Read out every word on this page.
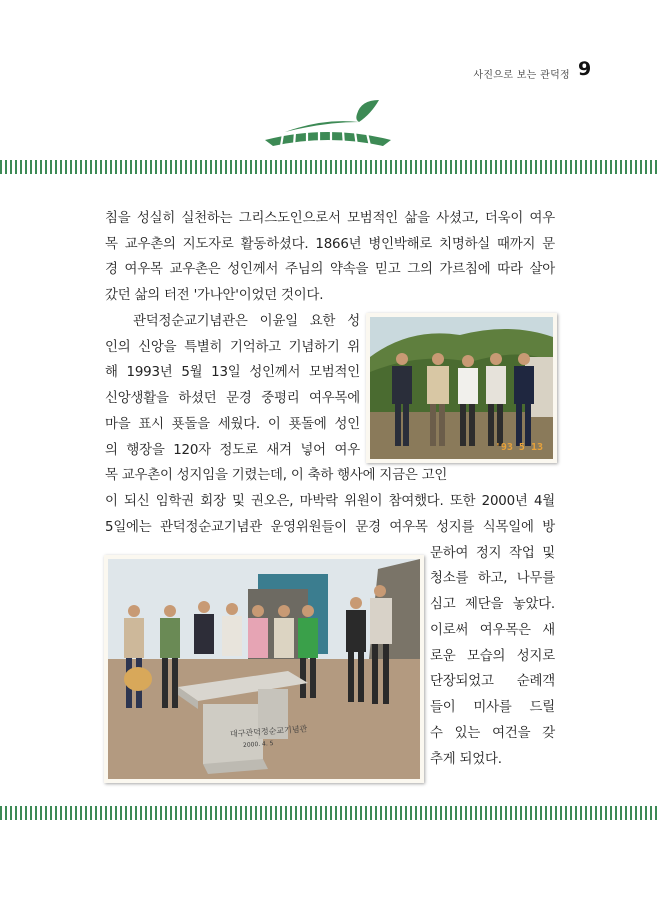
사진으로 보는 관덕정 9
침을 성실히 실천하는 그리스도인으로서 모범적인 삶을 사셨고, 더욱이 여우
목 교우촌의 지도자로 활동하셨다. 1866년 병인박해로 치명하실 때까지 문
경 여우목 교우촌은 성인께서 주님의 약속을 믿고 그의 가르침에 따라 살아
갔던 삶의 터전 '가나안'이었던 것이다.
관덕정순교기념관은 이윤일 요한 성
인의 신앙을 특별히 기억하고 기념하기 위
해 1993년 5월 13일 성인께서 모범적인
신앙생활을 하셨던 문경 중평리 여우목에
마을 표시 푯돌을 세웠다. 이 푯돌에 성인
의 행장을 120자 정도로 새겨 넣어 여우
목 교우촌이 성지임을 기렸는데, 이 축하 행사에 지금은 고인
이 되신 임학권 회장 및 권오은, 마박락 위원이 참여했다. 또한 2000년 4월
5일에는 관덕정순교기념관 운영위원들이 문경 여우목 성지를 식목일에 방
문하여 정지 작업 및
청소를 하고, 나무를
심고 제단을 놓았다.
이로써 여우목은 새
로운 모습의 성지로
단장되었고 순례객
들이 미사를 드릴
수 있는 여건을 갖
추게 되었다.
'93 5 13
대구관덕정순교기념관
2000. 4. 5
